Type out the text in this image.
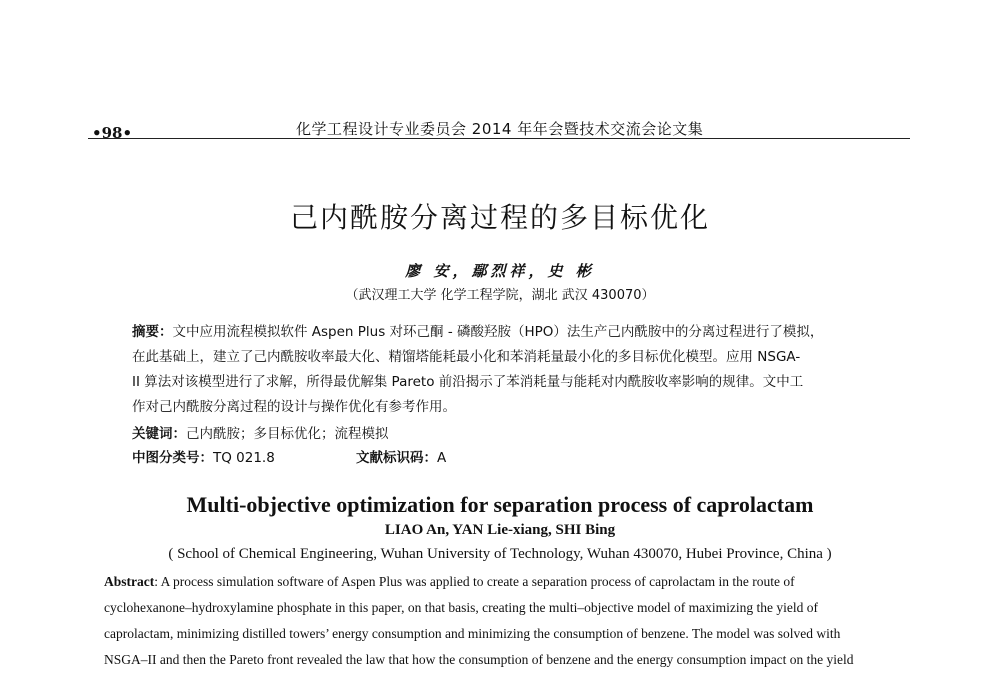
•98•	化学工程设计专业委员会 2014 年年会暨技术交流会论文集
己内酰胺分离过程的多目标优化
廖 安，鄢烈祥，史 彬
（武汉理工大学 化学工程学院，湖北 武汉 430070）
摘要：文中应用流程模拟软件 Aspen Plus 对环己酮 - 磷酸羟胺（HPO）法生产己内酰胺中的分离过程进行了模拟，
在此基础上，建立了己内酰胺收率最大化、精馏塔能耗最小化和苯消耗量最小化的多目标优化模型。应用 NSGA-
II 算法对该模型进行了求解，所得最优解集 Pareto 前沿揭示了苯消耗量与能耗对内酰胺收率影响的规律。文中工
作对己内酰胺分离过程的设计与操作优化有参考作用。
关键词：己内酰胺；多目标优化；流程模拟
中图分类号：TQ 021.8	文献标识码：A
Multi-objective optimization for separation process of caprolactam
LIAO An, YAN Lie-xiang, SHI Bing
( School of Chemical Engineering, Wuhan University of Technology, Wuhan 430070, Hubei Province, China )
Abstract: A process simulation software of Aspen Plus was applied to create a separation process of caprolactam in the route of
cyclohexanone–hydroxylamine phosphate in this paper, on that basis, creating the multi–objective model of maximizing the yield of
caprolactam, minimizing distilled towers’ energy consumption and minimizing the consumption of benzene. The model was solved with
NSGA–II and then the Pareto front revealed the law that how the consumption of benzene and the energy consumption impact on the yield
